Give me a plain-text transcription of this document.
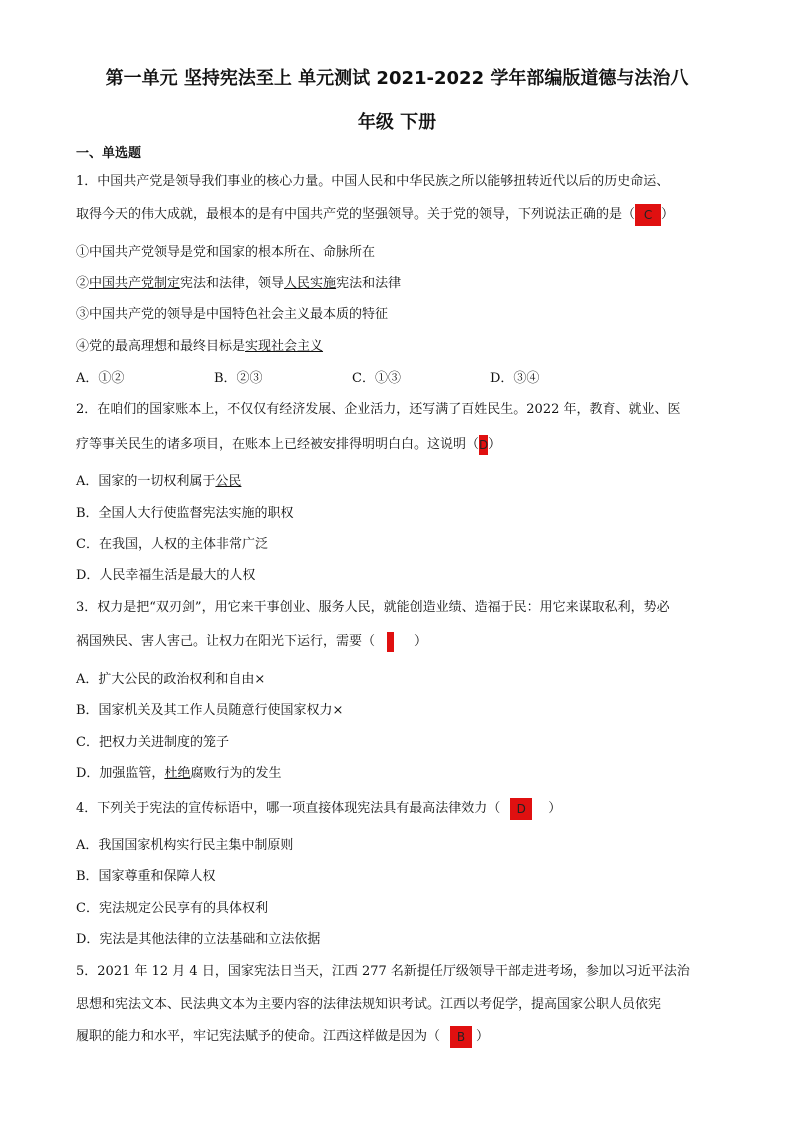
第一单元 坚持宪法至上 单元测试 2021-2022 学年部编版道德与法治八
年级 下册
一、单选题
1．中国共产党是领导我们事业的核心力量。中国人民和中华民族之所以能够扭转近代以后的历史命运、
取得今天的伟大成就，最根本的是有中国共产党的坚强领导。关于党的领导，下列说法正确的是（ C ）
①中国共产党领导是党和国家的根本所在、命脉所在
②中国共产党制定宪法和法律，领导人民实施宪法和法律
③中国共产党的领导是中国特色社会主义最本质的特征
④党的最高理想和最终目标是实现社会主义
A．①②	B．②③	C．①③	D．③④
2．在咱们的国家账本上，不仅仅有经济发展、企业活力，还写满了百姓民生。2022 年，教育、就业、医
疗等事关民生的诸多项目，在账本上已经被安排得明明白白。这说明（D）
A．国家的一切权利属于公民
B．全国人大行使监督宪法实施的职权
C．在我国，人权的主体非常广泛
D．人民幸福生活是最大的人权
3．权力是把“双刃剑”，用它来干事创业、服务人民，就能创造业绩、造福于民：用它来谋取私利，势必
祸国殃民、害人害己。让权力在阳光下运行，需要（	）
A．扩大公民的政治权利和自由×
B．国家机关及其工作人员随意行使国家权力×
C．把权力关进制度的笼子
D．加强监管，杜绝腐败行为的发生
4．下列关于宪法的宣传标语中，哪一项直接体现宪法具有最高法律效力（ D ）
A．我国国家机构实行民主集中制原则
B．国家尊重和保障人权
C．宪法规定公民享有的具体权利
D．宪法是其他法律的立法基础和立法依据
5．2021 年 12 月 4 日，国家宪法日当天，江西 277 名新提任厅级领导干部走进考场，参加以习近平法治
思想和宪法文本、民法典文本为主要内容的法律法规知识考试。江西以考促学，提高国家公职人员依宪
履职的能力和水平，牢记宪法赋予的使命。江西这样做是因为（ B ）
